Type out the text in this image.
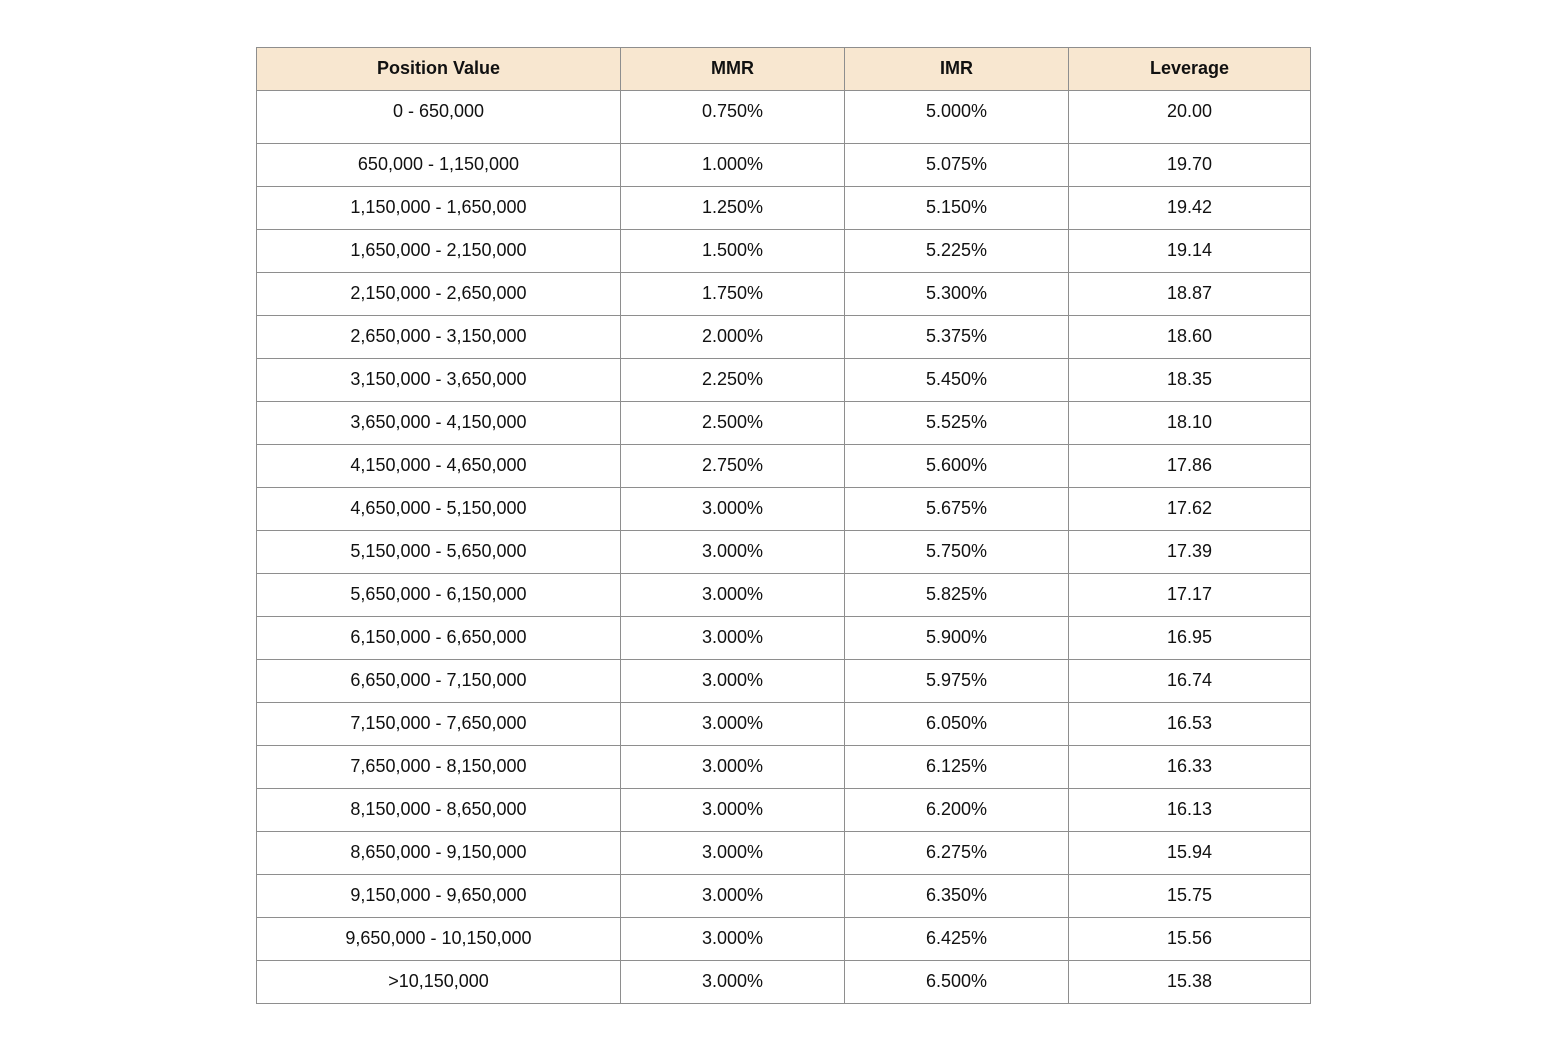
Position Value	MMR	IMR	Leverage
0 - 650,000	0.750%	5.000%	20.00
650,000 - 1,150,000	1.000%	5.075%	19.70
1,150,000 - 1,650,000	1.250%	5.150%	19.42
1,650,000 - 2,150,000	1.500%	5.225%	19.14
2,150,000 - 2,650,000	1.750%	5.300%	18.87
2,650,000 - 3,150,000	2.000%	5.375%	18.60
3,150,000 - 3,650,000	2.250%	5.450%	18.35
3,650,000 - 4,150,000	2.500%	5.525%	18.10
4,150,000 - 4,650,000	2.750%	5.600%	17.86
4,650,000 - 5,150,000	3.000%	5.675%	17.62
5,150,000 - 5,650,000	3.000%	5.750%	17.39
5,650,000 - 6,150,000	3.000%	5.825%	17.17
6,150,000 - 6,650,000	3.000%	5.900%	16.95
6,650,000 - 7,150,000	3.000%	5.975%	16.74
7,150,000 - 7,650,000	3.000%	6.050%	16.53
7,650,000 - 8,150,000	3.000%	6.125%	16.33
8,150,000 - 8,650,000	3.000%	6.200%	16.13
8,650,000 - 9,150,000	3.000%	6.275%	15.94
9,150,000 - 9,650,000	3.000%	6.350%	15.75
9,650,000 - 10,150,000	3.000%	6.425%	15.56
>10,150,000	3.000%	6.500%	15.38
